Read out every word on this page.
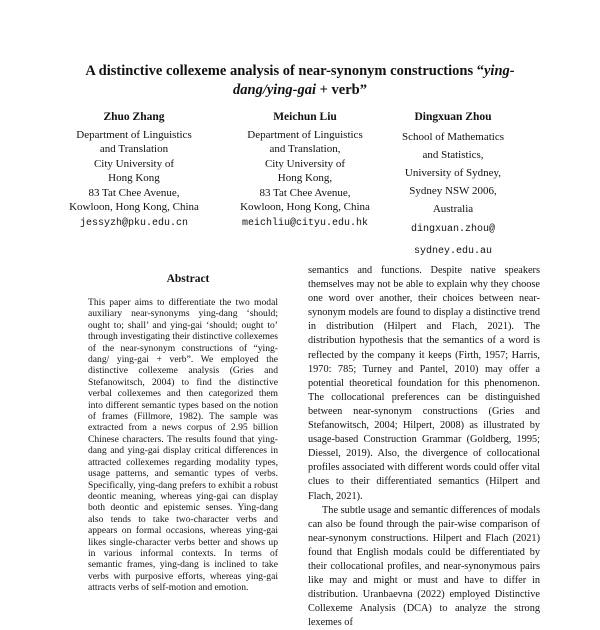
A distinctive collexeme analysis of near-synonym constructions “ying-dang/ying-gai + verb”
Zhuo Zhang
Department of Linguistics
and Translation
City University of
Hong Kong
83 Tat Chee Avenue,
Kowloon, Hong Kong, China
jessyzh@pku.edu.cn
Meichun Liu
Department of Linguistics
and Translation,
City University of
Hong Kong,
83 Tat Chee Avenue,
Kowloon, Hong Kong, China
meichliu@cityu.edu.hk
Dingxuan Zhou
School of Mathematics
and Statistics,
University of Sydney,
Sydney NSW 2006,
Australia
dingxuan.zhou@
sydney.edu.au
Abstract
This paper aims to differentiate the two modal auxiliary near-synonyms ying-dang ‘should; ought to; shall’ and ying-gai ‘should; ought to’ through investigating their distinctive collexemes of the near-synonym constructions of “ying-dang/ ying-gai + verb”. We employed the distinctive collexeme analysis (Gries and Stefanowitsch, 2004) to find the distinctive verbal collexemes and then categorized them into different semantic types based on the notion of frames (Fillmore, 1982). The sample was extracted from a news corpus of 2.95 billion Chinese characters. The results found that ying-dang and ying-gai display critical differences in attracted collexemes regarding modality types, usage patterns, and semantic types of verbs. Specifically, ying-dang prefers to exhibit a robust deontic meaning, whereas ying-gai can display both deontic and epistemic senses. Ying-dang also tends to take two-character verbs and appears on formal occasions, whereas ying-gai likes single-character verbs better and shows up in various informal contexts. In terms of semantic frames, ying-dang is inclined to take verbs with purposive efforts, whereas ying-gai attracts verbs of self-motion and emotion.

semantics and functions. Despite native speakers themselves may not be able to explain why they choose one word over another, their choices between near-synonym models are found to display a distinctive trend in distribution (Hilpert and Flach, 2021). The distribution hypothesis that the semantics of a word is reflected by the company it keeps (Firth, 1957; Harris, 1970: 785; Turney and Pantel, 2010) may offer a potential theoretical foundation for this phenomenon. The collocational preferences can be distinguished between near-synonym constructions (Gries and Stefanowitsch, 2004; Hilpert, 2008) as illustrated by usage-based Construction Grammar (Goldberg, 1995; Diessel, 2019). Also, the divergence of collocational profiles associated with different words could offer vital clues to their differentiated semantics (Hilpert and Flach, 2021).

The subtle usage and semantic differences of modals can also be found through the pair-wise comparison of near-synonym constructions. Hilpert and Flach (2021) found that English modals could be differentiated by their collocational profiles, and near-synonymous pairs like may and might or must and have to differ in distribution. Uranbaevna (2022) employed Distinctive Collexeme Analysis (DCA) to analyze the strong lexemes of
